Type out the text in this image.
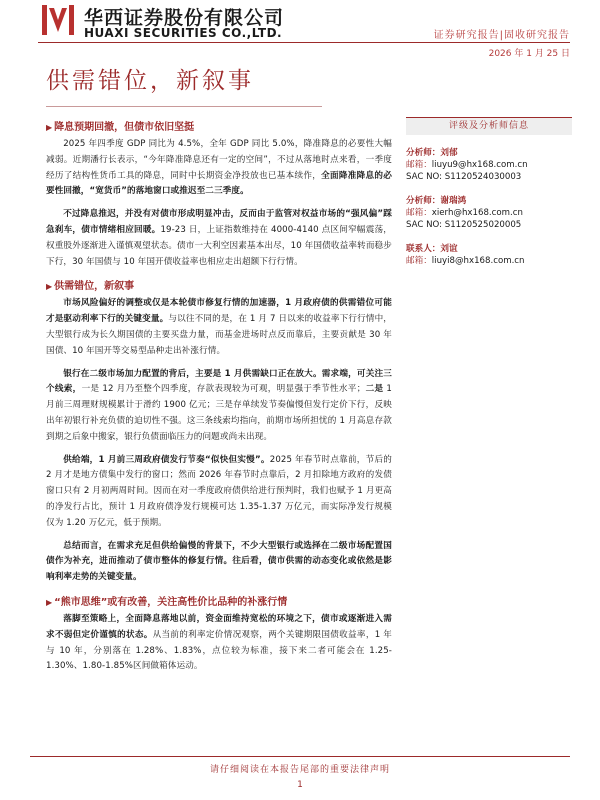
华西证券股份有限公司
HUAXI SECURITIES CO.,LTD.	证券研究报告|固收研究报告
2026 年 1 月 25 日
供需错位，新叙事
▶ 降息预期回撤，但债市依旧坚挺

2025 年四季度 GDP 同比为 4.5%，全年 GDP 同比 5.0%，降准降息的必要性大幅减弱。近期潘行长表示，“今年降准降息还有一定的空间”，不过从落地时点来看，一季度经历了结构性货币工具的降息，同时中长期资金净投放也已基本续作，全面降准降息的必要性回撤，“宽货币”的落地窗口或推迟至二三季度。

不过降息推迟，并没有对债市形成明显冲击，反而由于监管对权益市场的“强风偏”踩急刹车，债市情绪相应回暖。19-23 日，上证指数维持在 4000-4140 点区间窄幅震荡，权重股外逐渐进入谨慎观望状态。债市一大利空因素基本出尽，10 年国债收益率转而稳步下行，30 年国债与 10 年国开债收益率也相应走出超额下行行情。

▶ 供需错位，新叙事

市场风险偏好的调整或仅是本轮债市修复行情的加速器，1 月政府债的供需错位可能才是驱动利率下行的关键变量。与以往不同的是，在 1 月 7 日以来的收益率下行行情中，大型银行成为长久期国债的主要买盘力量，而基金进场时点反而靠后，主要贡献是 30 年国债、10 年国开等交易型品种走出补涨行情。

银行在二级市场加力配置的背后，主要是 1 月供需缺口正在放大。需求端，可关注三个线索，一是 12 月乃至整个四季度，存款表现较为可观，明显强于季节性水平；二是 1 月前三周理财规模累计于滑约 1900 亿元；三是存单续发节奏偏慢但发行定价下行，反映出年初银行补充负债的迫切性不强。这三条线索均指向，前期市场所担忧的 1 月高息存款到期之后象中搬家，银行负债面临压力的问题或尚未出现。

供给端，1 月前三周政府债发行节奏“似快但实慢”。2025 年春节时点靠前，节后的 2 月才是地方债集中发行的窗口；然而 2026 年春节时点靠后，2 月扣除地方政府的发债窗口只有 2 月初两周时间。因而在对一季度政府债供给进行预判时，我们也赋予 1 月更高的净发行占比，预计 1 月政府债净发行规模可达 1.35-1.37 万亿元，而实际净发行规模仅为 1.20 万亿元，低于预期。

总结而言，在需求充足但供给偏慢的背景下，不少大型银行或选择在二级市场配置国债作为补充，进而推动了债市整体的修复行情。往后看，债市供需的动态变化或依然是影响利率走势的关键变量。

▶ “熊市思维”或有改善，关注高性价比品种的补涨行情

落脚至策略上，全面降息落地以前，资金面维持宽松的环境之下，债市或逐渐进入需求不弱但定价谨慎的状态。从当前的利率定价情况观察，两个关键期限国债收益率，1 年与 10 年，分别落在 1.28%、1.83%，点位较为标准，接下来二者可能会在 1.25-1.30%、1.80-1.85%区间做箱体运动。

评级及分析师信息
分析师：刘郁
邮箱：liuyu9@hx168.com.cn
SAC NO: S1120524030003
分析师：谢瑞鸿
邮箱：xierh@hx168.com.cn
SAC NO: S1120525020005
联系人：刘谊
邮箱：liuyi8@hx168.com.cn
请仔细阅读在本报告尾部的重要法律声明
1
